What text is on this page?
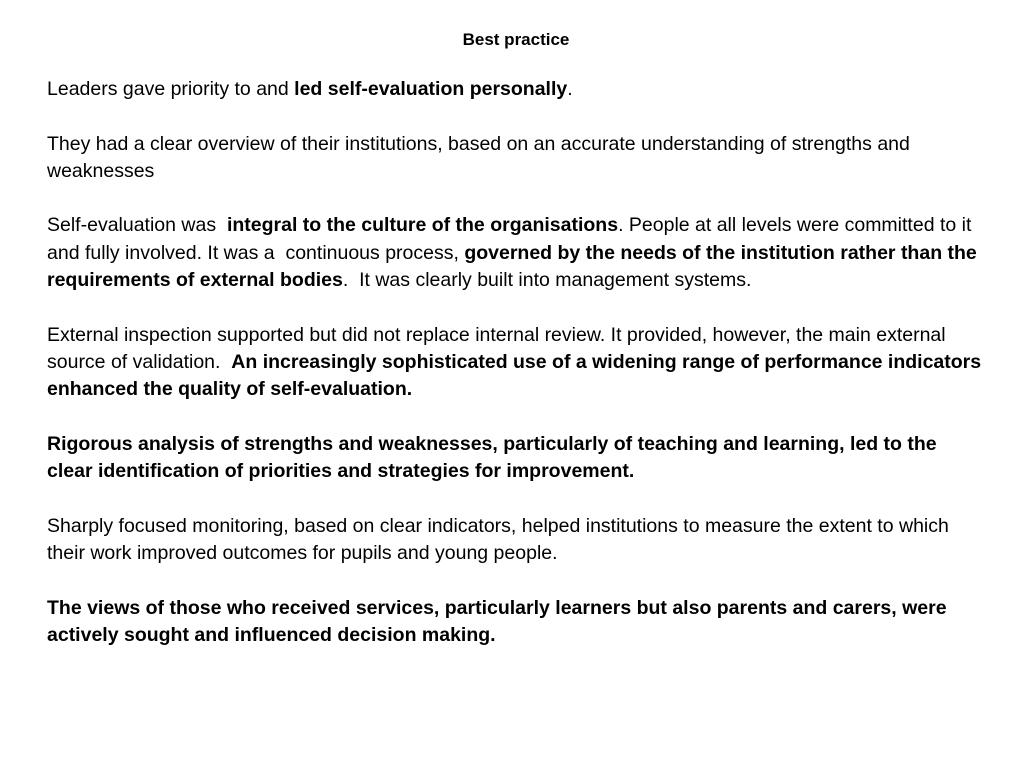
Best practice

Leaders gave priority to and led self-evaluation personally.

They had a clear overview of their institutions, based on an accurate understanding of strengths and weaknesses

Self-evaluation was  integral to the culture of the organisations. People at all levels were committed to it and fully involved. It was a  continuous process, governed by the needs of the institution rather than the requirements of external bodies.  It was clearly built into management systems.

External inspection supported but did not replace internal review. It provided, however, the main external source of validation.  An increasingly sophisticated use of a widening range of performance indicators enhanced the quality of self-evaluation.

Rigorous analysis of strengths and weaknesses, particularly of teaching and learning, led to the clear identification of priorities and strategies for improvement.

Sharply focused monitoring, based on clear indicators, helped institutions to measure the extent to which their work improved outcomes for pupils and young people.

The views of those who received services, particularly learners but also parents and carers, were actively sought and influenced decision making.
